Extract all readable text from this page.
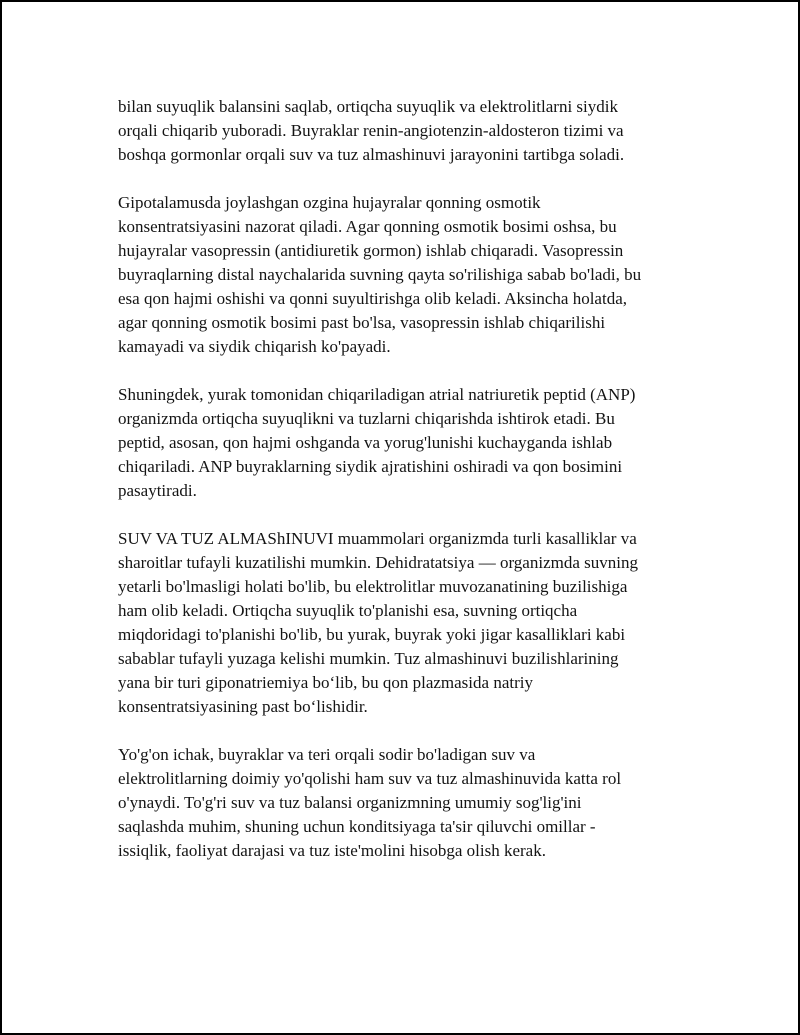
bilan suyuqlik balansini saqlab, ortiqcha suyuqlik va elektrolitlarni siydik
orqali chiqarib yuboradi. Buyraklar renin-angiotenzin-aldosteron tizimi va
boshqa gormonlar orqali suv va tuz almashinuvi jarayonini tartibga soladi.

Gipotalamusda joylashgan ozgina hujayralar qonning osmotik
konsentratsiyasini nazorat qiladi. Agar qonning osmotik bosimi oshsa, bu
hujayralar vasopressin (antidiuretik gormon) ishlab chiqaradi. Vasopressin
buyraqlarning distal naychalarida suvning qayta so'rilishiga sabab bo'ladi, bu
esa qon hajmi oshishi va qonni suyultirishga olib keladi. Aksincha holatda,
agar qonning osmotik bosimi past bo'lsa, vasopressin ishlab chiqarilishi
kamayadi va siydik chiqarish ko'payadi.

Shuningdek, yurak tomonidan chiqariladigan atrial natriuretik peptid (ANP)
organizmda ortiqcha suyuqlikni va tuzlarni chiqarishda ishtirok etadi. Bu
peptid, asosan, qon hajmi oshganda va yorug'lunishi kuchayganda ishlab
chiqariladi. ANP buyraklarning siydik ajratishini oshiradi va qon bosimini
pasaytiradi.

SUV VA TUZ ALMAShINUVI muammolari organizmda turli kasalliklar va
sharoitlar tufayli kuzatilishi mumkin. Dehidratatsiya — organizmda suvning
yetarli bo'lmasligi holati bo'lib, bu elektrolitlar muvozanatining buzilishiga
ham olib keladi. Ortiqcha suyuqlik to'planishi esa, suvning ortiqcha
miqdoridagi to'planishi bo'lib, bu yurak, buyrak yoki jigar kasalliklari kabi
sabablar tufayli yuzaga kelishi mumkin. Tuz almashinuvi buzilishlarining
yana bir turi giponatriemiya bo‘lib, bu qon plazmasida natriy
konsentratsiyasining past bo‘lishidir.

Yo'g'on ichak, buyraklar va teri orqali sodir bo'ladigan suv va
elektrolitlarning doimiy yo'qolishi ham suv va tuz almashinuvida katta rol
o'ynaydi. To'g'ri suv va tuz balansi organizmning umumiy sog'lig'ini
saqlashda muhim, shuning uchun konditsiyaga ta'sir qiluvchi omillar -
issiqlik, faoliyat darajasi va tuz iste'molini hisobga olish kerak.
